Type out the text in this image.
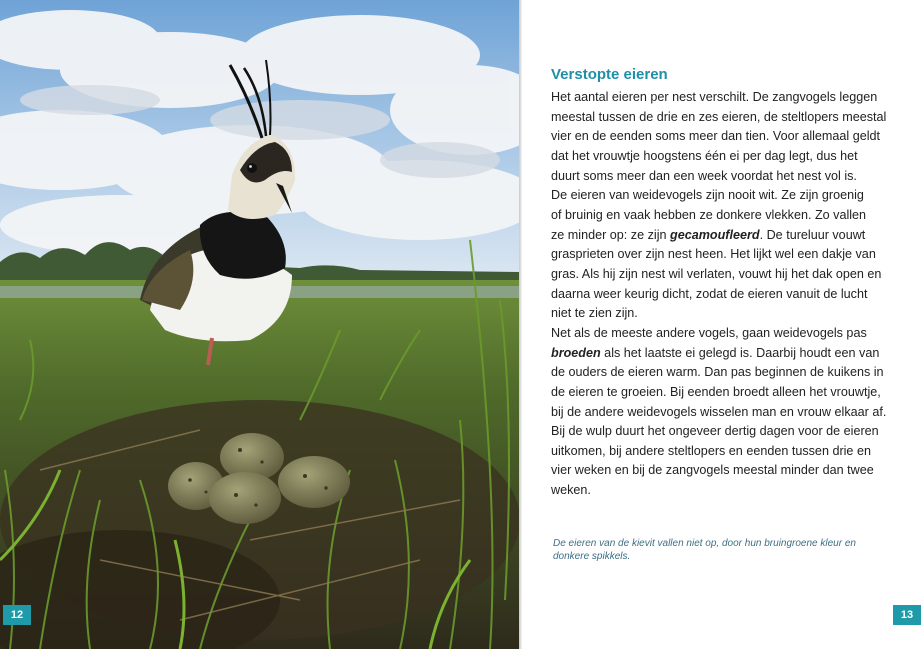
12
Verstopte eieren
Het aantal eieren per nest verschilt. De zangvogels leggen
meestal tussen de drie en zes eieren, de steltlopers meestal
vier en de eenden soms meer dan tien. Voor allemaal geldt
dat het vrouwtje hoogstens één ei per dag legt, dus het
duurt soms meer dan een week voordat het nest vol is.
De eieren van weidevogels zijn nooit wit. Ze zijn groenig
of bruinig en vaak hebben ze donkere vlekken. Zo vallen
ze minder op: ze zijn gecamoufleerd. De tureluur vouwt
grasprieten over zijn nest heen. Het lijkt wel een dakje van
gras. Als hij zijn nest wil verlaten, vouwt hij het dak open en
daarna weer keurig dicht, zodat de eieren vanuit de lucht
niet te zien zijn.
Net als de meeste andere vogels, gaan weidevogels pas
broeden als het laatste ei gelegd is. Daarbij houdt een van
de ouders de eieren warm. Dan pas beginnen de kuikens in
de eieren te groeien. Bij eenden broedt alleen het vrouwtje,
bij de andere weidevogels wisselen man en vrouw elkaar af.
Bij de wulp duurt het ongeveer dertig dagen voor de eieren
uitkomen, bij andere steltlopers en eenden tussen drie en
vier weken en bij de zangvogels meestal minder dan twee
weken.
De eieren van de kievit vallen niet op, door hun bruingroene kleur en
donkere spikkels.
13
